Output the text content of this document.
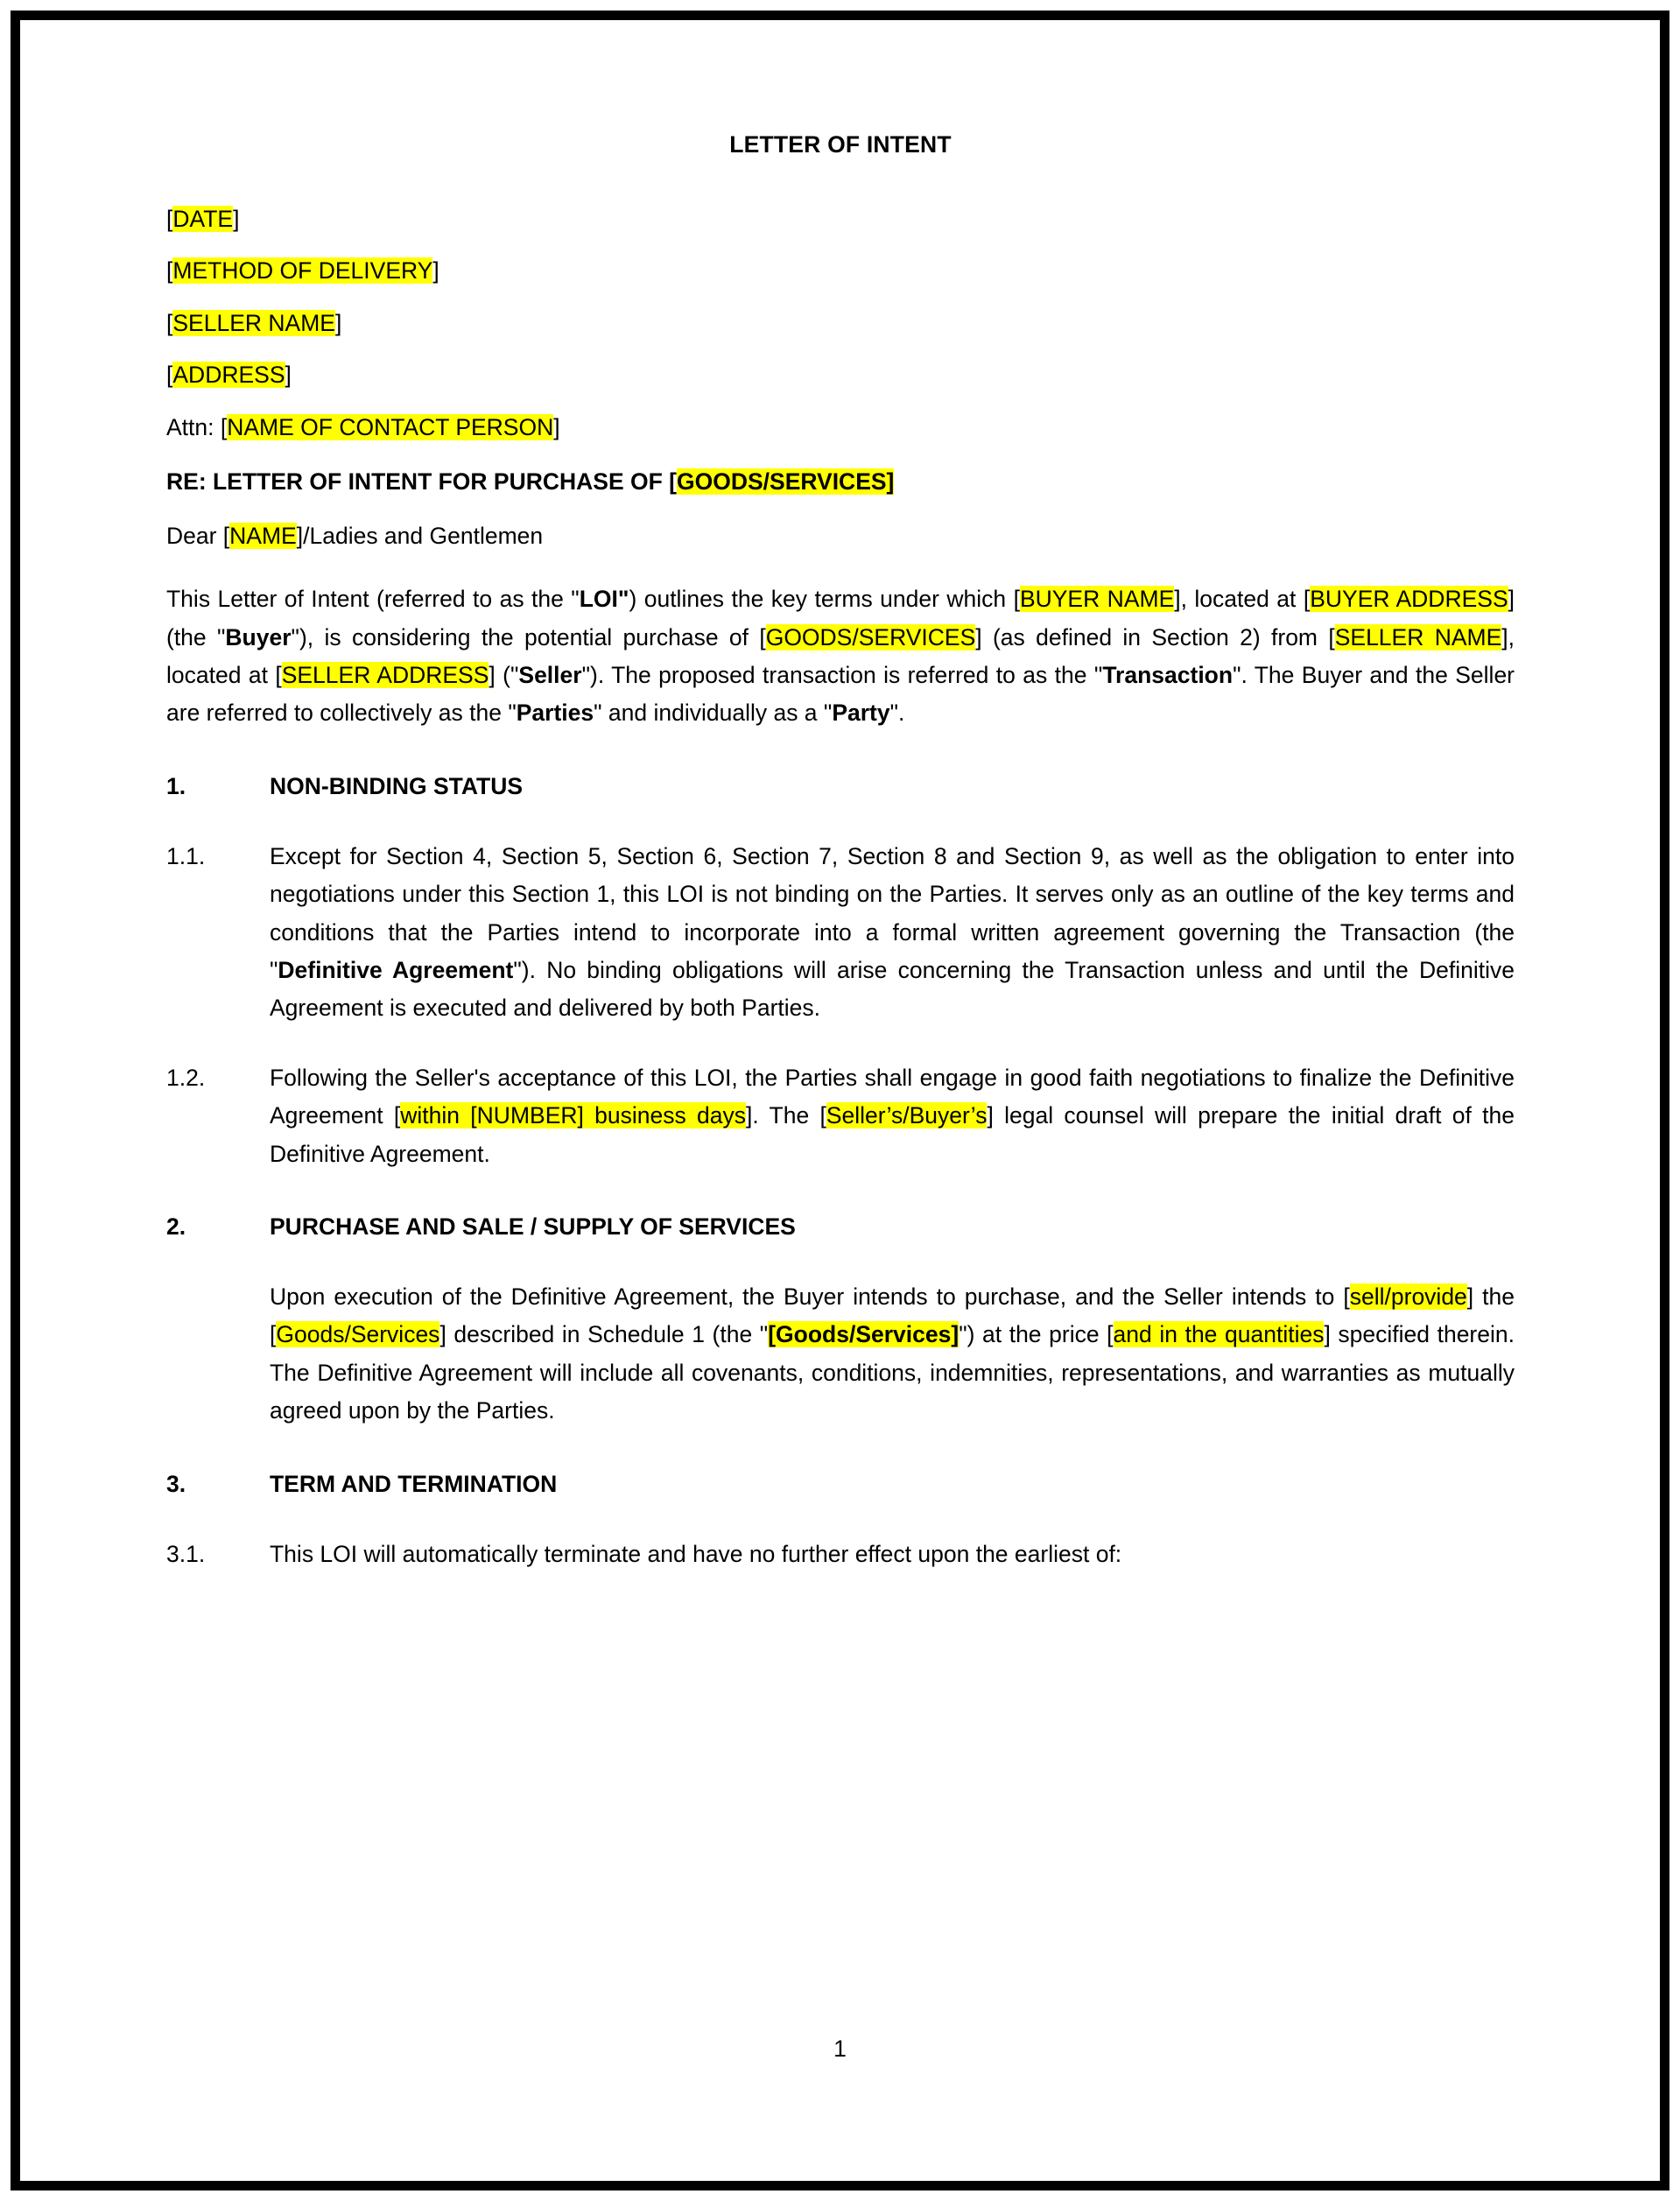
LETTER OF INTENT
[DATE]
[METHOD OF DELIVERY]
[SELLER NAME]
[ADDRESS]
Attn: [NAME OF CONTACT PERSON]
RE: LETTER OF INTENT FOR PURCHASE OF [GOODS/SERVICES]
Dear [NAME]/Ladies and Gentlemen
This Letter of Intent (referred to as the "LOI") outlines the key terms under which [BUYER NAME], located at [BUYER ADDRESS] (the "Buyer"), is considering the potential purchase of [GOODS/SERVICES] (as defined in Section 2) from [SELLER NAME], located at [SELLER ADDRESS] ("Seller"). The proposed transaction is referred to as the "Transaction". The Buyer and the Seller are referred to collectively as the "Parties" and individually as a "Party".
1.	NON-BINDING STATUS
1.1.	Except for Section 4, Section 5, Section 6, Section 7, Section 8 and Section 9, as well as the obligation to enter into negotiations under this Section 1, this LOI is not binding on the Parties. It serves only as an outline of the key terms and conditions that the Parties intend to incorporate into a formal written agreement governing the Transaction (the "Definitive Agreement"). No binding obligations will arise concerning the Transaction unless and until the Definitive Agreement is executed and delivered by both Parties.
1.2.	Following the Seller's acceptance of this LOI, the Parties shall engage in good faith negotiations to finalize the Definitive Agreement [within [NUMBER] business days]. The [Seller’s/Buyer’s] legal counsel will prepare the initial draft of the Definitive Agreement.
2.	PURCHASE AND SALE / SUPPLY OF SERVICES
Upon execution of the Definitive Agreement, the Buyer intends to purchase, and the Seller intends to [sell/provide] the [Goods/Services] described in Schedule 1 (the "[Goods/Services]") at the price [and in the quantities] specified therein. The Definitive Agreement will include all covenants, conditions, indemnities, representations, and warranties as mutually agreed upon by the Parties.
3.	TERM AND TERMINATION
3.1.	This LOI will automatically terminate and have no further effect upon the earliest of:
1
